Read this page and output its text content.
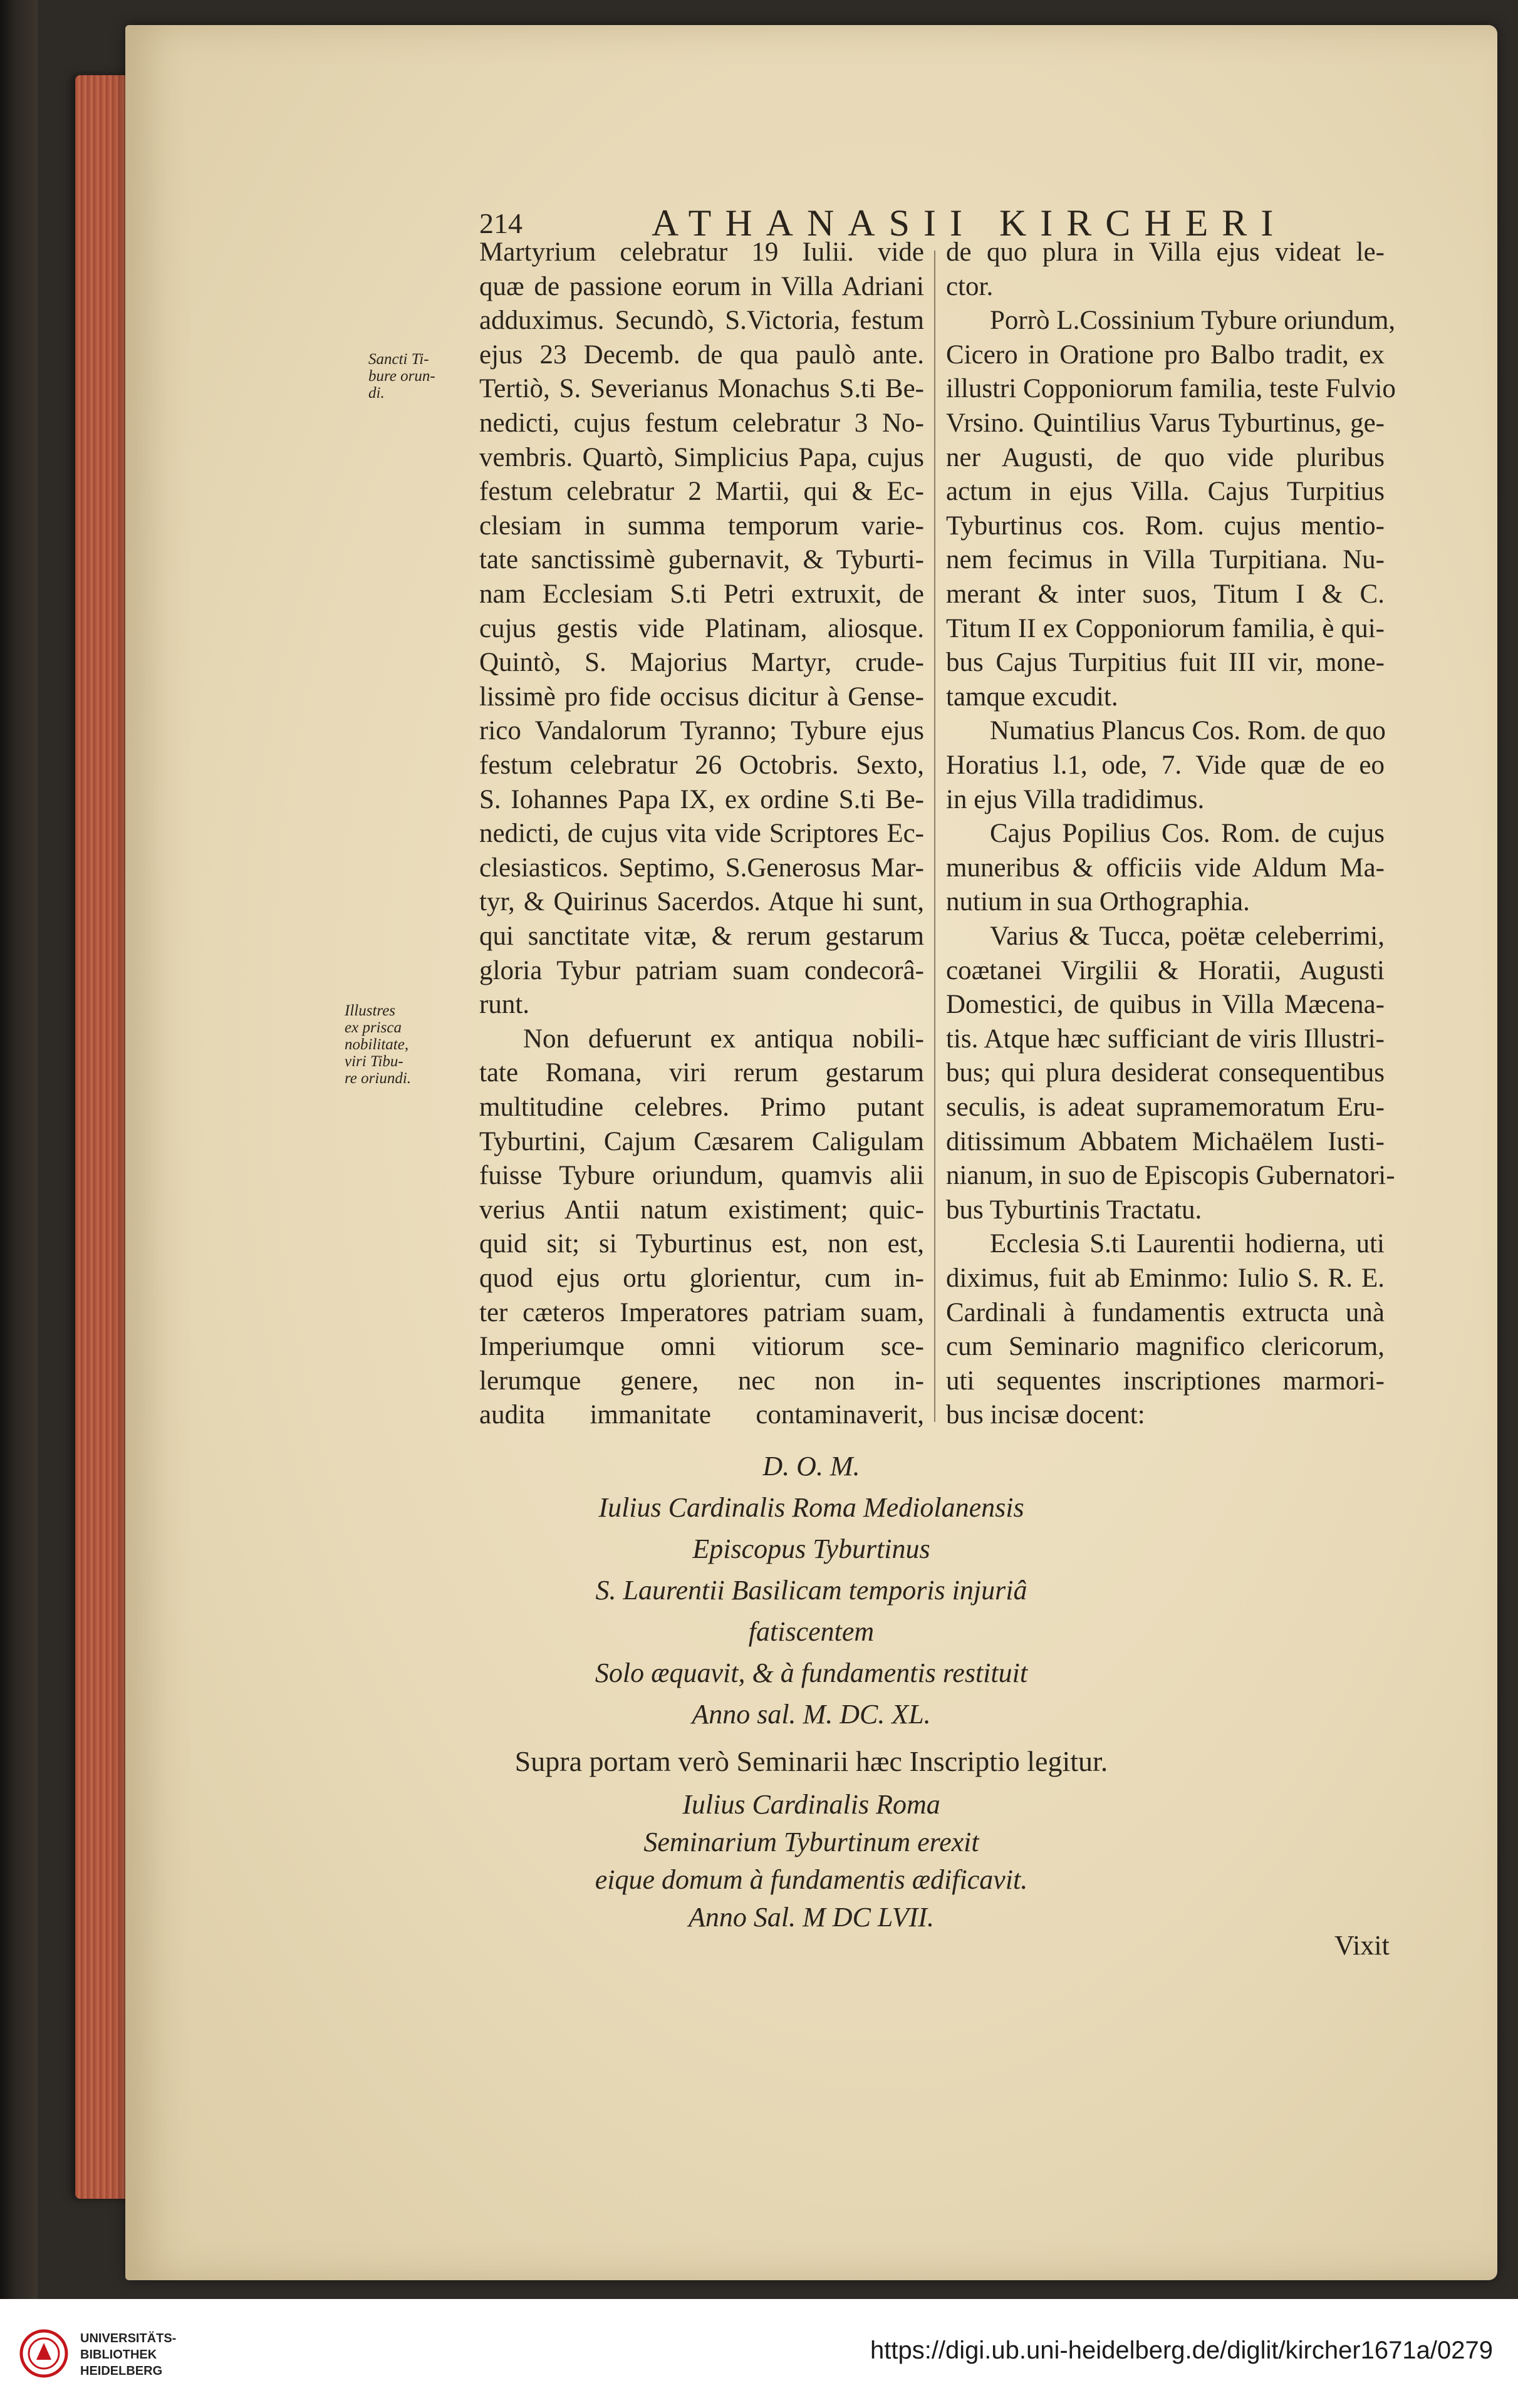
214	ATHANASII KIRCHERI
Sancti Ti-
bure orun-
di.
Illustres
ex prisca
nobilitate,
viri Tibu-
re oriundi.
Martyrium celebratur 19 Iulii. vide
quæ de passione eorum in Villa Adriani
adduximus. Secundò, S.Victoria, festum
ejus 23 Decemb. de qua paulò ante.
Tertiò, S. Severianus Monachus S.ti Be-
nedicti, cujus festum celebratur 3 No-
vembris. Quartò, Simplicius Papa, cujus
festum celebratur 2 Martii, qui & Ec-
clesiam in summa temporum varie-
tate sanctissimè gubernavit, & Tyburti-
nam Ecclesiam S.ti Petri extruxit, de
cujus gestis vide Platinam, aliosque.
Quintò, S. Majorius Martyr, crude-
lissimè pro fide occisus dicitur à Gense-
rico Vandalorum Tyranno; Tybure ejus
festum celebratur 26 Octobris. Sexto,
S. Iohannes Papa IX, ex ordine S.ti Be-
nedicti, de cujus vita vide Scriptores Ec-
clesiasticos. Septimo, S.Generosus Mar-
tyr, & Quirinus Sacerdos. Atque hi sunt,
qui sanctitate vitæ, & rerum gestarum
gloria Tybur patriam suam condecorâ-
runt.
Non defuerunt ex antiqua nobili-
tate Romana, viri rerum gestarum
multitudine celebres. Primo putant
Tyburtini, Cajum Cæsarem Caligulam
fuisse Tybure oriundum, quamvis alii
verius Antii natum existiment; quic-
quid sit; si Tyburtinus est, non est,
quod ejus ortu glorientur, cum in-
ter cæteros Imperatores patriam suam,
Imperiumque omni vitiorum sce-
lerumque genere, nec non in-
audita immanitate contaminaverit,
de quo plura in Villa ejus videat le-
ctor.
Porrò L.Cossinium Tybure oriundum,
Cicero in Oratione pro Balbo tradit, ex
illustri Copponiorum familia, teste Fulvio
Vrsino. Quintilius Varus Tyburtinus, ge-
ner Augusti, de quo vide pluribus
actum in ejus Villa. Cajus Turpitius
Tyburtinus cos. Rom. cujus mentio-
nem fecimus in Villa Turpitiana. Nu-
merant & inter suos, Titum I & C.
Titum II ex Copponiorum familia, è qui-
bus Cajus Turpitius fuit III vir, mone-
tamque excudit.
Numatius Plancus Cos. Rom. de quo
Horatius l.1, ode, 7. Vide quæ de eo
in ejus Villa tradidimus.
Cajus Popilius Cos. Rom. de cujus
muneribus & officiis vide Aldum Ma-
nutium in sua Orthographia.
Varius & Tucca, poëtæ celeberrimi,
coætanei Virgilii & Horatii, Augusti
Domestici, de quibus in Villa Mæcena-
tis. Atque hæc sufficiant de viris Illustri-
bus; qui plura desiderat consequentibus
seculis, is adeat supramemoratum Eru-
ditissimum Abbatem Michaëlem Iusti-
nianum, in suo de Episcopis Gubernatori-
bus Tyburtinis Tractatu.
Ecclesia S.ti Laurentii hodierna, uti
diximus, fuit ab Eminmo: Iulio S. R. E.
Cardinali à fundamentis extructa unà
cum Seminario magnifico clericorum,
uti sequentes inscriptiones marmori-
bus incisæ docent:
D. O. M.
Iulius Cardinalis Roma Mediolanensis
Episcopus Tyburtinus
S. Laurentii Basilicam temporis injuriâ
fatiscentem
Solo æquavit, & à fundamentis restituit
Anno sal. M. DC. XL.
Supra portam verò Seminarii hæc Inscriptio legitur.
Iulius Cardinalis Roma
Seminarium Tyburtinum erexit
eique domum à fundamentis ædificavit.
Anno Sal. M DC LVII.
Vixit
UNIVERSITÄTS-
BIBLIOTHEK
HEIDELBERG
https://digi.ub.uni-heidelberg.de/diglit/kircher1671a/0279
